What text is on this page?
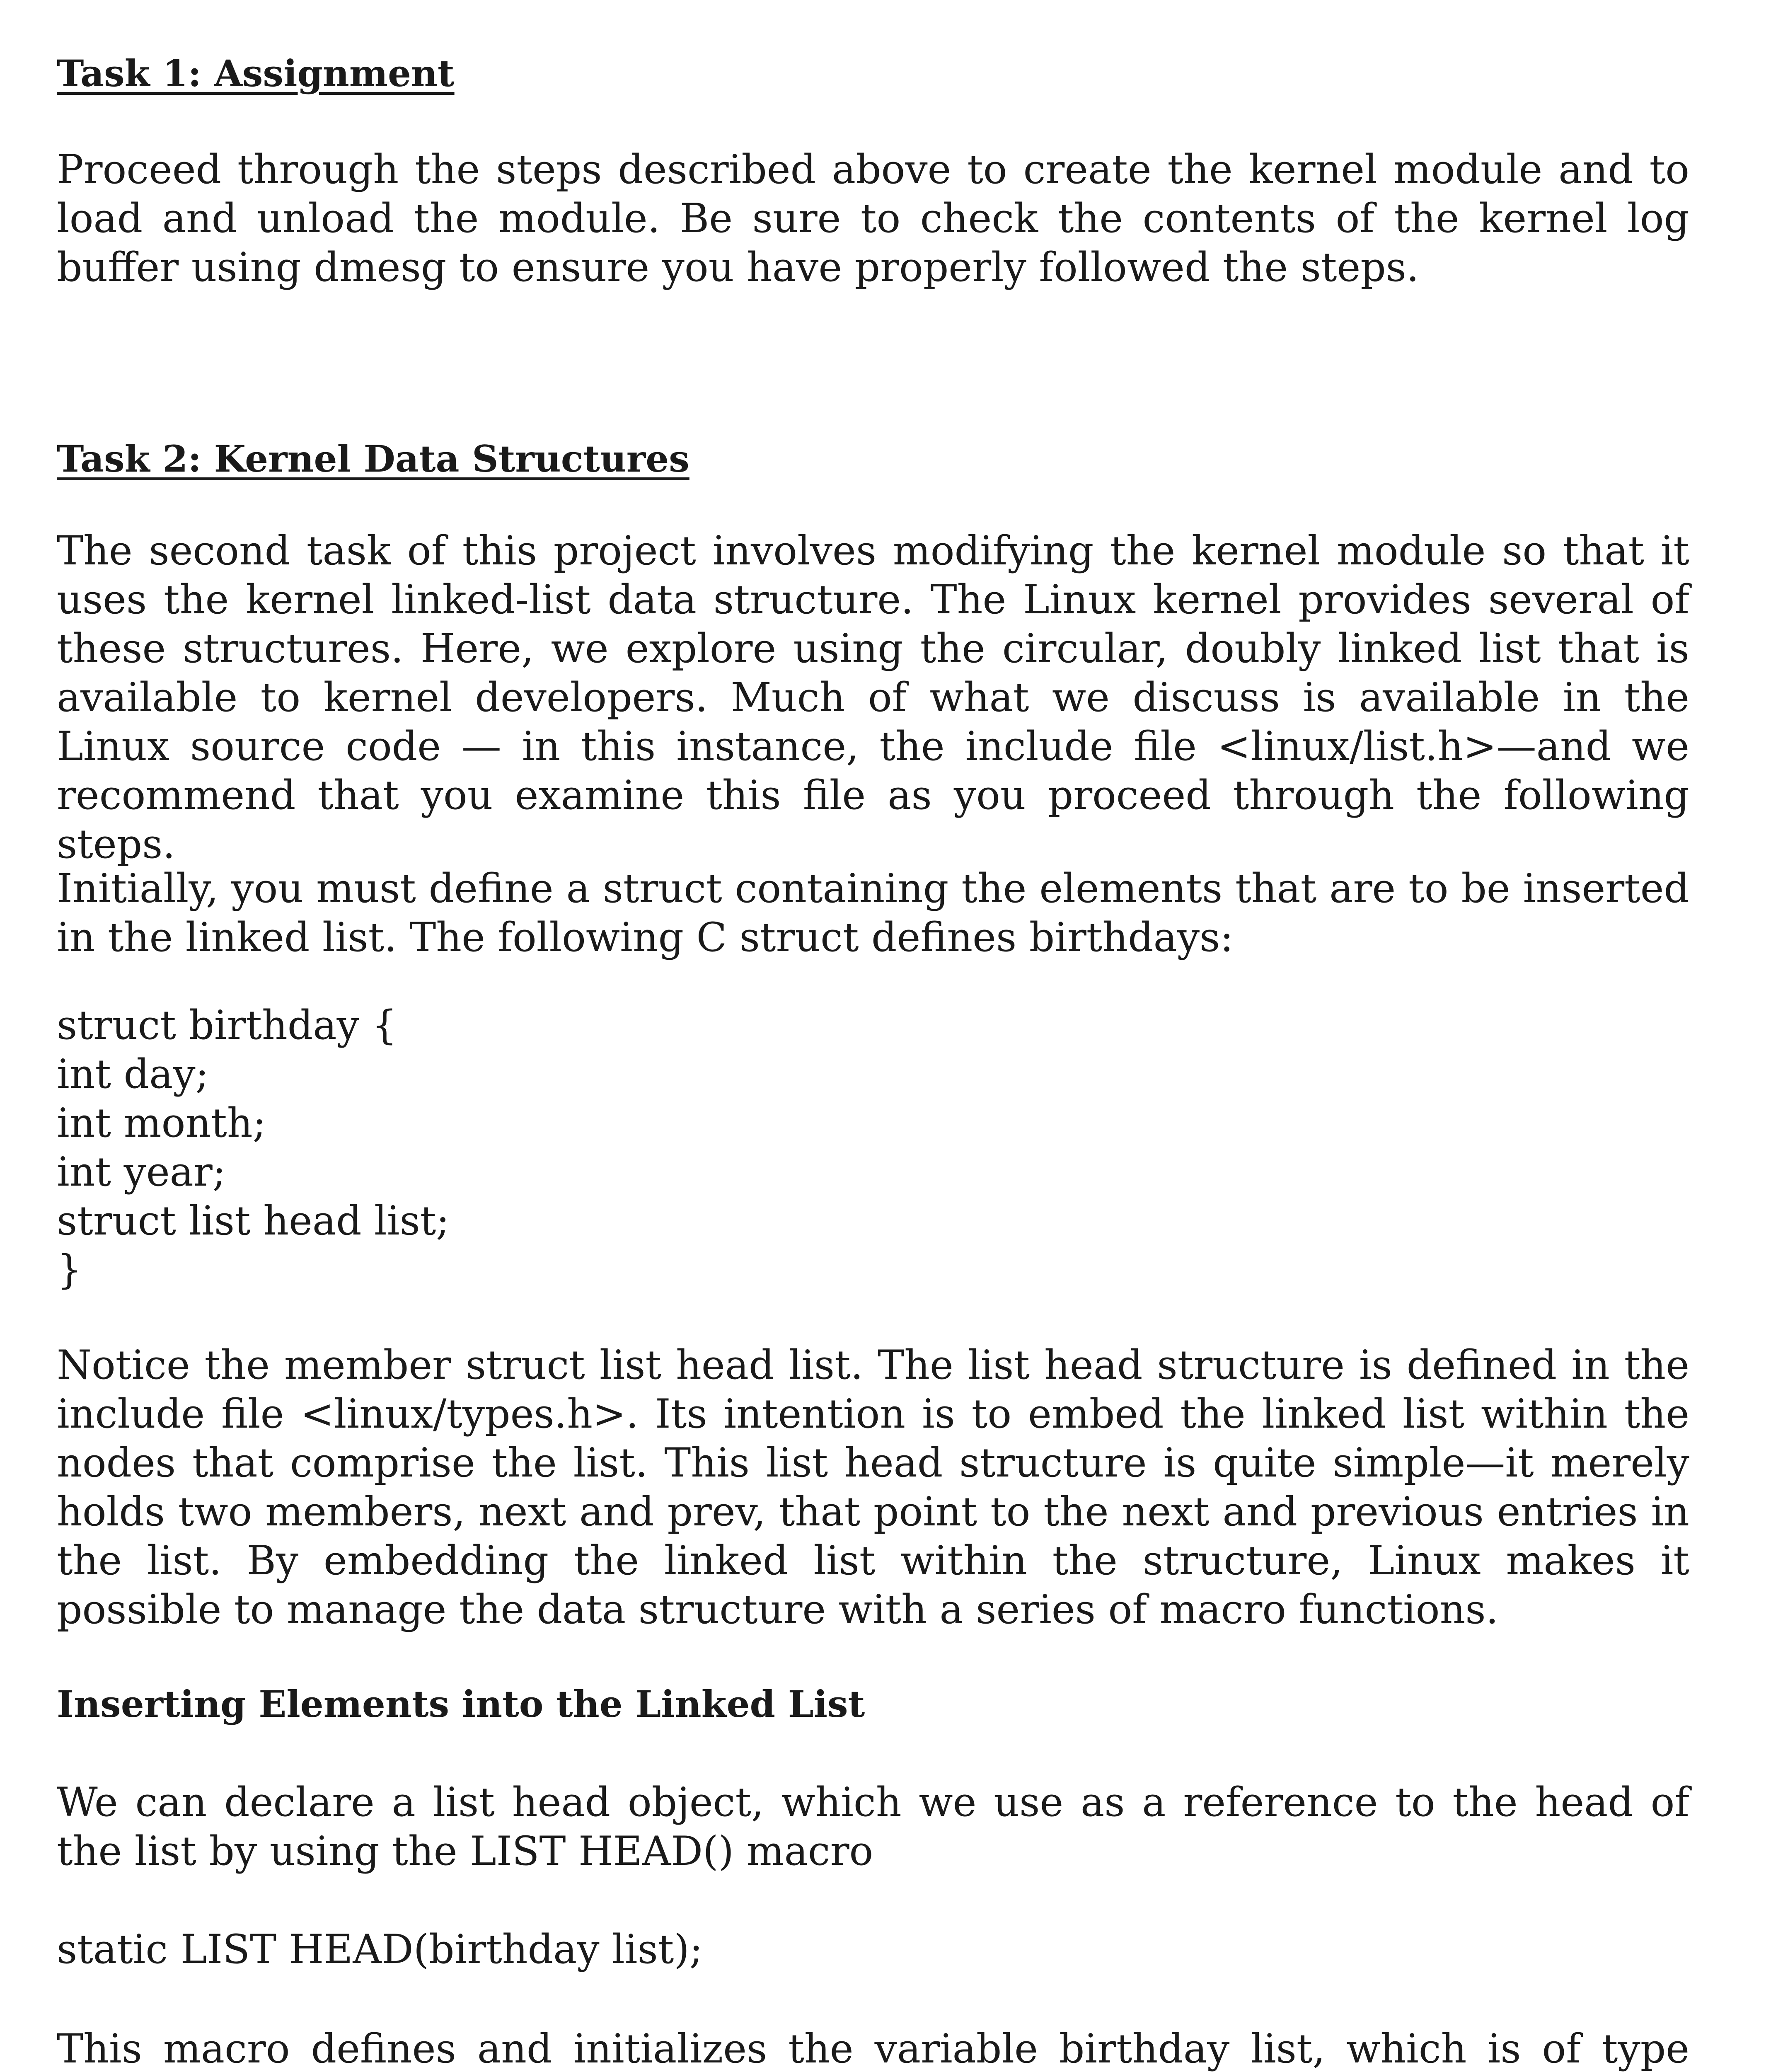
Task 1: Assignment

Proceed through the steps described above to create the kernel module and to load and unload the module. Be sure to check the contents of the kernel log buffer using dmesg to ensure you have properly followed the steps.

Task 2: Kernel Data Structures

The second task of this project involves modifying the kernel module so that it uses the kernel linked-list data structure. The Linux kernel provides several of these structures. Here, we explore using the circular, doubly linked list that is available to kernel developers. Much of what we discuss is available in the Linux source code — in this instance, the include file <linux/list.h>—and we recommend that you examine this file as you proceed through the following steps.

Initially, you must define a struct containing the elements that are to be inserted in the linked list. The following C struct defines birthdays:

struct birthday {
int day;
int month;
int year;
struct list head list;
}

Notice the member struct list head list. The list head structure is defined in the include file <linux/types.h>. Its intention is to embed the linked list within the nodes that comprise the list. This list head structure is quite simple—it merely holds two members, next and prev, that point to the next and previous entries in the list. By embedding the linked list within the structure, Linux makes it possible to manage the data structure with a series of macro functions.

Inserting Elements into the Linked List

We can declare a list head object, which we use as a reference to the head of the list by using the LIST HEAD() macro

static LIST HEAD(birthday list);

This macro defines and initializes the variable birthday list, which is of type
